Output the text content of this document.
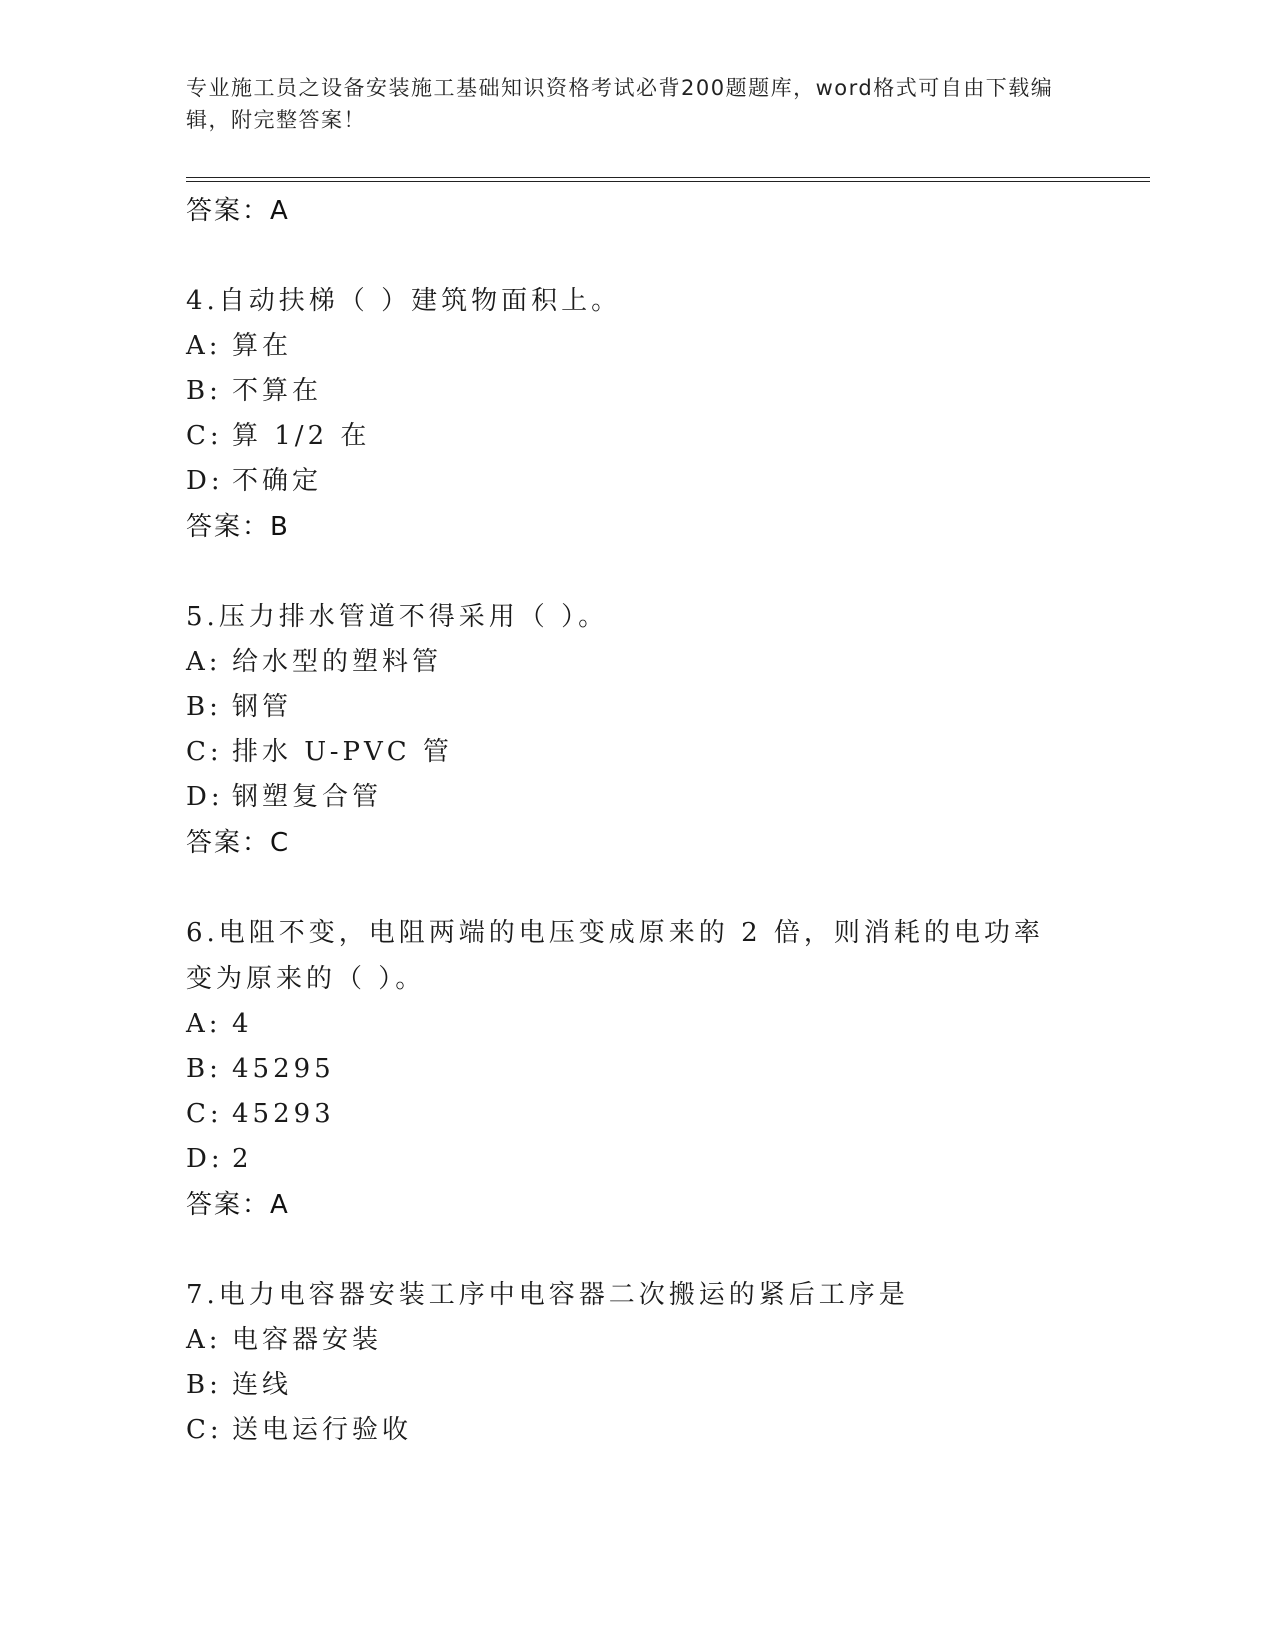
专业施工员之设备安装施工基础知识资格考试必背200题题库，word格式可自由下载编辑，附完整答案！
答案：A
4.自动扶梯（ ）建筑物面积上。
A: 算在
B: 不算在
C: 算 1/2 在
D: 不确定
答案：B
5.压力排水管道不得采用（ ）。
A: 给水型的塑料管
B: 钢管
C: 排水 U-PVC 管
D: 钢塑复合管
答案：C
6.电阻不变，电阻两端的电压变成原来的 2 倍，则消耗的电功率变为原来的（ ）。
A: 4
B: 45295
C: 45293
D: 2
答案：A
7.电力电容器安装工序中电容器二次搬运的紧后工序是
A: 电容器安装
B: 连线
C: 送电运行验收
